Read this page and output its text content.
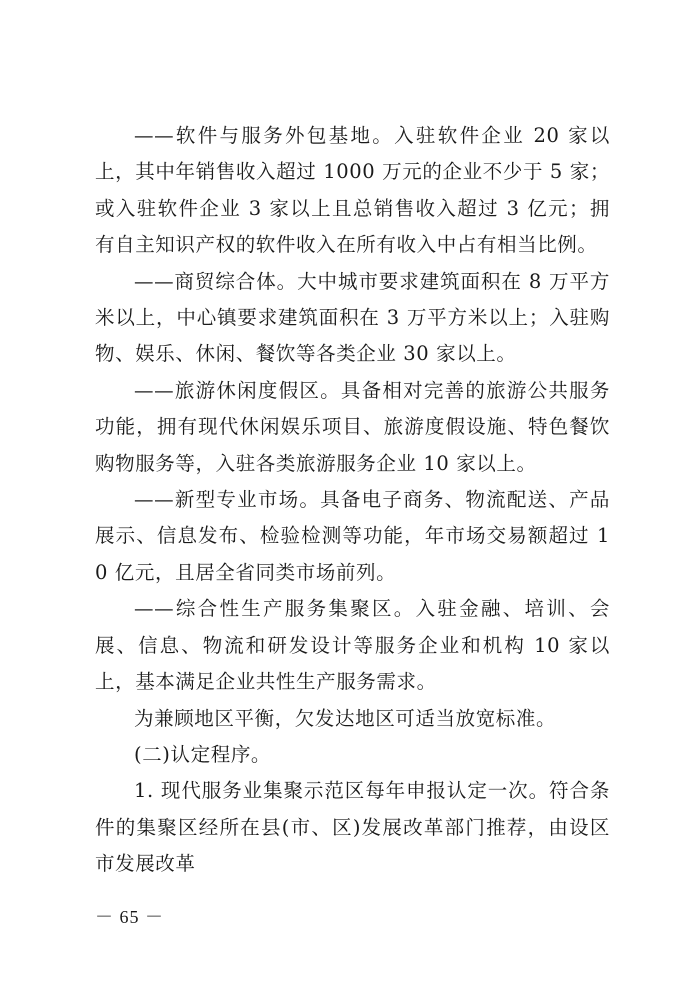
——软件与服务外包基地。入驻软件企业 20 家以上，其中年销售收入超过 1000 万元的企业不少于 5 家；或入驻软件企业 3 家以上且总销售收入超过 3 亿元；拥有自主知识产权的软件收入在所有收入中占有相当比例。

——商贸综合体。大中城市要求建筑面积在 8 万平方米以上，中心镇要求建筑面积在 3 万平方米以上；入驻购物、娱乐、休闲、餐饮等各类企业 30 家以上。

——旅游休闲度假区。具备相对完善的旅游公共服务功能，拥有现代休闲娱乐项目、旅游度假设施、特色餐饮购物服务等，入驻各类旅游服务企业 10 家以上。

——新型专业市场。具备电子商务、物流配送、产品展示、信息发布、检验检测等功能，年市场交易额超过 10 亿元，且居全省同类市场前列。

——综合性生产服务集聚区。入驻金融、培训、会展、信息、物流和研发设计等服务企业和机构 10 家以上，基本满足企业共性生产服务需求。

为兼顾地区平衡，欠发达地区可适当放宽标准。

(二)认定程序。

1. 现代服务业集聚示范区每年申报认定一次。符合条件的集聚区经所在县(市、区)发展改革部门推荐，由设区市发展改革

－ 65 －
